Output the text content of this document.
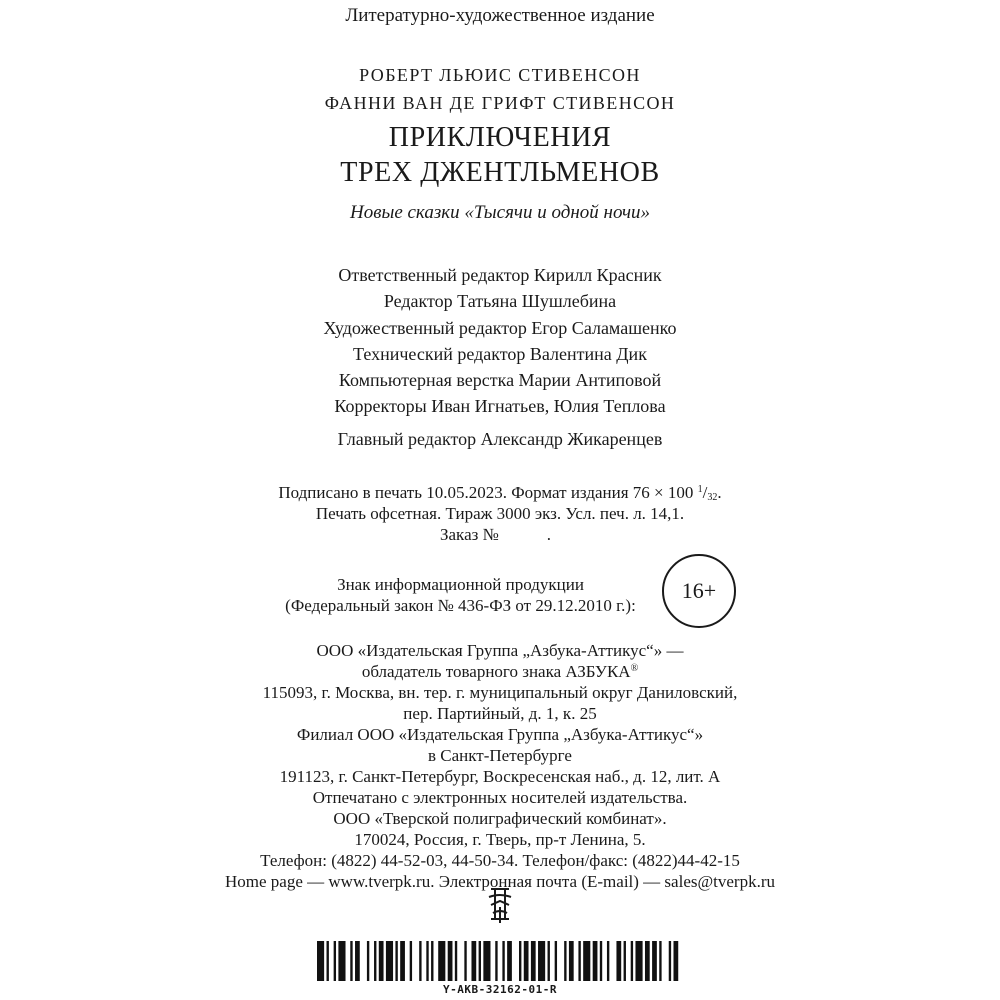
Литературно-художественное издание
РОБЕРТ ЛЬЮИС СТИВЕНСОН
ФАННИ ВАН ДЕ ГРИФТ СТИВЕНСОН
ПРИКЛЮЧЕНИЯ
ТРЕХ ДЖЕНТЛЬМЕНОВ
Новые сказки «Тысячи и одной ночи»
Ответственный редактор Кирилл Красник
Редактор Татьяна Шушлебина
Художественный редактор Егор Саламашенко
Технический редактор Валентина Дик
Компьютерная верстка Марии Антиповой
Корректоры Иван Игнатьев, Юлия Теплова
Главный редактор Александр Жикаренцев
Подписано в печать 10.05.2023. Формат издания 76 × 100 $^1/_{32}$.
Печать офсетная. Тираж 3000 экз. Усл. печ. л. 14,1.
Заказ №	.
Знак информационной продукции
(Федеральный закон № 436-ФЗ от 29.12.2010 г.):
16+
ООО «Издательская Группа „Азбука-Аттикус“» —
обладатель товарного знака АЗБУКА®
115093, г. Москва, вн. тер. г. муниципальный округ Даниловский,
пер. Партийный, д. 1, к. 25
Филиал ООО «Издательская Группа „Азбука-Аттикус“»
в Санкт-Петербурге
191123, г. Санкт-Петербург, Воскресенская наб., д. 12, лит. А
Отпечатано с электронных носителей издательства.
ООО «Тверской полиграфический комбинат».
170024, Россия, г. Тверь, пр-т Ленина, 5.
Телефон: (4822) 44-52-03, 44-50-34. Телефон/факс: (4822)44-42-15
Home page — www.tverpk.ru. Электронная почта (E-mail) — sales@tverpk.ru
Y-AKB-32162-01-R
